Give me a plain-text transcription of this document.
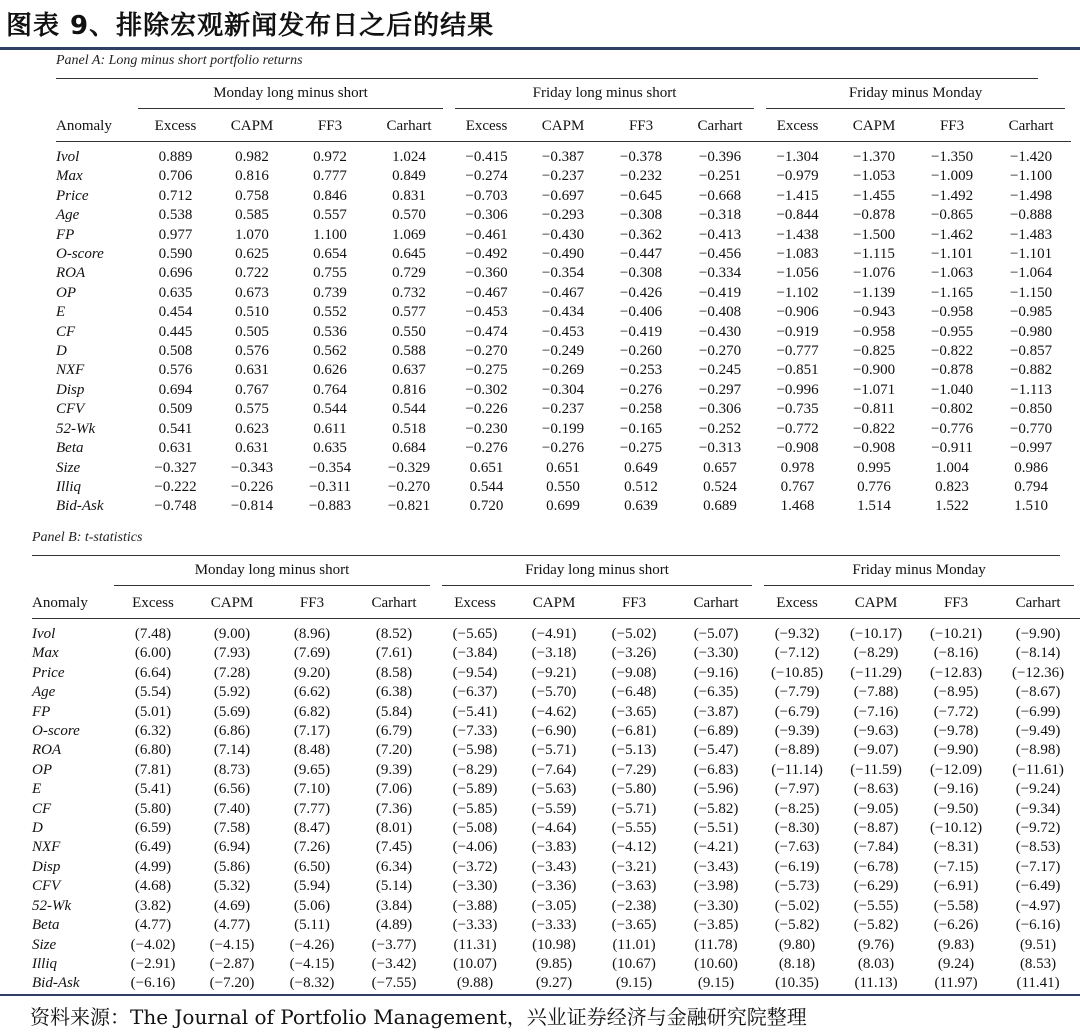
图表 9、排除宏观新闻发布日之后的结果
Panel A: Long minus short portfolio returns

	Monday long minus short				Friday long minus short				Friday minus Monday			

Anomaly	Excess	CAPM	FF3	Carhart	Excess	CAPM	FF3	Carhart	Excess	CAPM	FF3	Carhart
Ivol	0.889	0.982	0.972	1.024	−0.415	−0.387	−0.378	−0.396	−1.304	−1.370	−1.350	−1.420
Max	0.706	0.816	0.777	0.849	−0.274	−0.237	−0.232	−0.251	−0.979	−1.053	−1.009	−1.100
Price	0.712	0.758	0.846	0.831	−0.703	−0.697	−0.645	−0.668	−1.415	−1.455	−1.492	−1.498
Age	0.538	0.585	0.557	0.570	−0.306	−0.293	−0.308	−0.318	−0.844	−0.878	−0.865	−0.888
FP	0.977	1.070	1.100	1.069	−0.461	−0.430	−0.362	−0.413	−1.438	−1.500	−1.462	−1.483
O-score	0.590	0.625	0.654	0.645	−0.492	−0.490	−0.447	−0.456	−1.083	−1.115	−1.101	−1.101
ROA	0.696	0.722	0.755	0.729	−0.360	−0.354	−0.308	−0.334	−1.056	−1.076	−1.063	−1.064
OP	0.635	0.673	0.739	0.732	−0.467	−0.467	−0.426	−0.419	−1.102	−1.139	−1.165	−1.150
E	0.454	0.510	0.552	0.577	−0.453	−0.434	−0.406	−0.408	−0.906	−0.943	−0.958	−0.985
CF	0.445	0.505	0.536	0.550	−0.474	−0.453	−0.419	−0.430	−0.919	−0.958	−0.955	−0.980
D	0.508	0.576	0.562	0.588	−0.270	−0.249	−0.260	−0.270	−0.777	−0.825	−0.822	−0.857
NXF	0.576	0.631	0.626	0.637	−0.275	−0.269	−0.253	−0.245	−0.851	−0.900	−0.878	−0.882
Disp	0.694	0.767	0.764	0.816	−0.302	−0.304	−0.276	−0.297	−0.996	−1.071	−1.040	−1.113
CFV	0.509	0.575	0.544	0.544	−0.226	−0.237	−0.258	−0.306	−0.735	−0.811	−0.802	−0.850
52-Wk	0.541	0.623	0.611	0.518	−0.230	−0.199	−0.165	−0.252	−0.772	−0.822	−0.776	−0.770
Beta	0.631	0.631	0.635	0.684	−0.276	−0.276	−0.275	−0.313	−0.908	−0.908	−0.911	−0.997
Size	−0.327	−0.343	−0.354	−0.329	0.651	0.651	0.649	0.657	0.978	0.995	1.004	0.986
Illiq	−0.222	−0.226	−0.311	−0.270	0.544	0.550	0.512	0.524	0.767	0.776	0.823	0.794
Bid-Ask	−0.748	−0.814	−0.883	−0.821	0.720	0.699	0.639	0.689	1.468	1.514	1.522	1.510
Panel B: t-statistics

	Monday long minus short				Friday long minus short				Friday minus Monday			

Anomaly	Excess	CAPM	FF3	Carhart	Excess	CAPM	FF3	Carhart	Excess	CAPM	FF3	Carhart
Ivol	(7.48)	(9.00)	(8.96)	(8.52)	(−5.65)	(−4.91)	(−5.02)	(−5.07)	(−9.32)	(−10.17)	(−10.21)	(−9.90)
Max	(6.00)	(7.93)	(7.69)	(7.61)	(−3.84)	(−3.18)	(−3.26)	(−3.30)	(−7.12)	(−8.29)	(−8.16)	(−8.14)
Price	(6.64)	(7.28)	(9.20)	(8.58)	(−9.54)	(−9.21)	(−9.08)	(−9.16)	(−10.85)	(−11.29)	(−12.83)	(−12.36)
Age	(5.54)	(5.92)	(6.62)	(6.38)	(−6.37)	(−5.70)	(−6.48)	(−6.35)	(−7.79)	(−7.88)	(−8.95)	(−8.67)
FP	(5.01)	(5.69)	(6.82)	(5.84)	(−5.41)	(−4.62)	(−3.65)	(−3.87)	(−6.79)	(−7.16)	(−7.72)	(−6.99)
O-score	(6.32)	(6.86)	(7.17)	(6.79)	(−7.33)	(−6.90)	(−6.81)	(−6.89)	(−9.39)	(−9.63)	(−9.78)	(−9.49)
ROA	(6.80)	(7.14)	(8.48)	(7.20)	(−5.98)	(−5.71)	(−5.13)	(−5.47)	(−8.89)	(−9.07)	(−9.90)	(−8.98)
OP	(7.81)	(8.73)	(9.65)	(9.39)	(−8.29)	(−7.64)	(−7.29)	(−6.83)	(−11.14)	(−11.59)	(−12.09)	(−11.61)
E	(5.41)	(6.56)	(7.10)	(7.06)	(−5.89)	(−5.63)	(−5.80)	(−5.96)	(−7.97)	(−8.63)	(−9.16)	(−9.24)
CF	(5.80)	(7.40)	(7.77)	(7.36)	(−5.85)	(−5.59)	(−5.71)	(−5.82)	(−8.25)	(−9.05)	(−9.50)	(−9.34)
D	(6.59)	(7.58)	(8.47)	(8.01)	(−5.08)	(−4.64)	(−5.55)	(−5.51)	(−8.30)	(−8.87)	(−10.12)	(−9.72)
NXF	(6.49)	(6.94)	(7.26)	(7.45)	(−4.06)	(−3.83)	(−4.12)	(−4.21)	(−7.63)	(−7.84)	(−8.31)	(−8.53)
Disp	(4.99)	(5.86)	(6.50)	(6.34)	(−3.72)	(−3.43)	(−3.21)	(−3.43)	(−6.19)	(−6.78)	(−7.15)	(−7.17)
CFV	(4.68)	(5.32)	(5.94)	(5.14)	(−3.30)	(−3.36)	(−3.63)	(−3.98)	(−5.73)	(−6.29)	(−6.91)	(−6.49)
52-Wk	(3.82)	(4.69)	(5.06)	(3.84)	(−3.88)	(−3.05)	(−2.38)	(−3.30)	(−5.02)	(−5.55)	(−5.58)	(−4.97)
Beta	(4.77)	(4.77)	(5.11)	(4.89)	(−3.33)	(−3.33)	(−3.65)	(−3.85)	(−5.82)	(−5.82)	(−6.26)	(−6.16)
Size	(−4.02)	(−4.15)	(−4.26)	(−3.77)	(11.31)	(10.98)	(11.01)	(11.78)	(9.80)	(9.76)	(9.83)	(9.51)
Illiq	(−2.91)	(−2.87)	(−4.15)	(−3.42)	(10.07)	(9.85)	(10.67)	(10.60)	(8.18)	(8.03)	(9.24)	(8.53)
Bid-Ask	(−6.16)	(−7.20)	(−8.32)	(−7.55)	(9.88)	(9.27)	(9.15)	(9.15)	(10.35)	(11.13)	(11.97)	(11.41)
资料来源：The Journal of Portfolio Management，兴业证券经济与金融研究院整理
